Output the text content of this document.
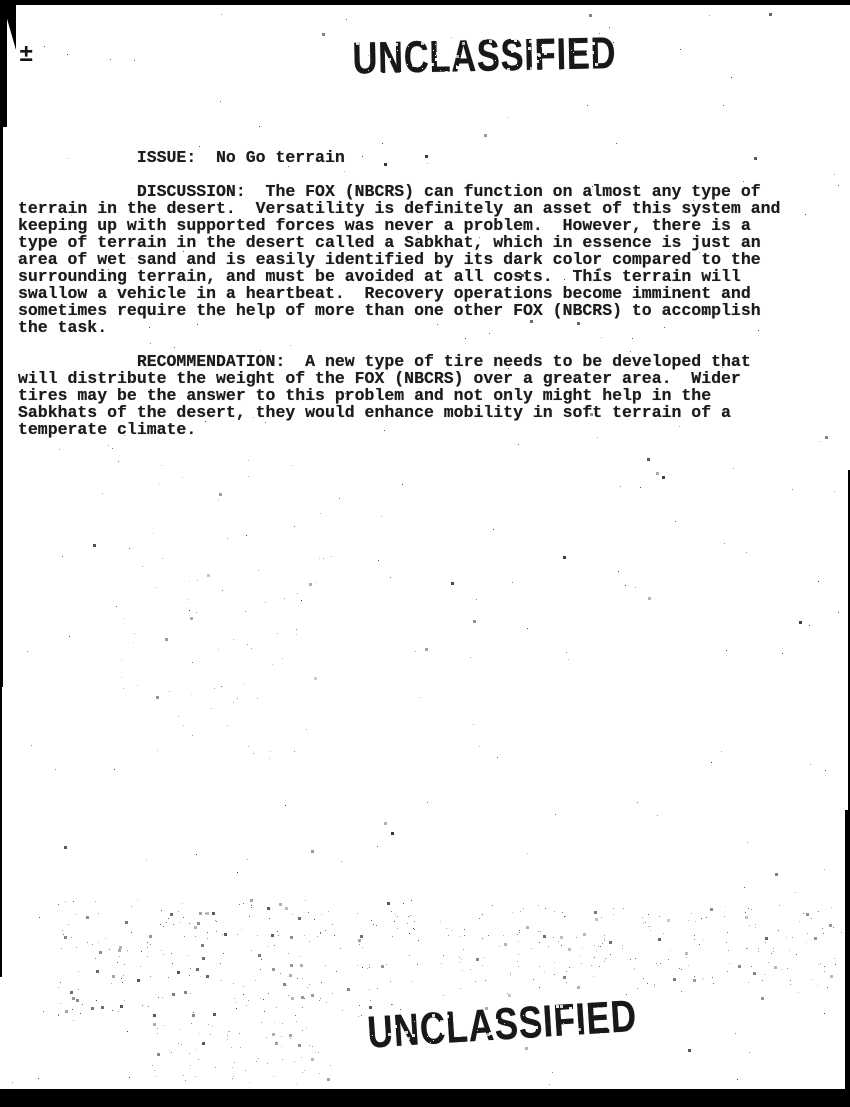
±	UNCLASSIFIED
ISSUE:  No Go terrain
DISCUSSION:  The FOX (NBCRS) can function on almost any type of
terrain in the desert.  Versatility is definitely an asset of this system and
keeping up with supported forces was never a problem.  However, there is a
type of terrain in the desert called a Sabkhat, which in essence is just an
area of wet sand and is easily identified by its dark color compared to the
surrounding terrain, and must be avoided at all costs.  This terrain will
swallow a vehicle in a heartbeat.  Recovery operations become imminent and
sometimes require the help of more than one other FOX (NBCRS) to accomplish
the task.
RECOMMENDATION:  A new type of tire needs to be developed that
will distribute the weight of the FOX (NBCRS) over a greater area.  Wider
tires may be the answer to this problem and not only might help in the
Sabkhats of the desert, they would enhance mobility in soft terrain of a
temperate climate.
UNCLASSIFIED
